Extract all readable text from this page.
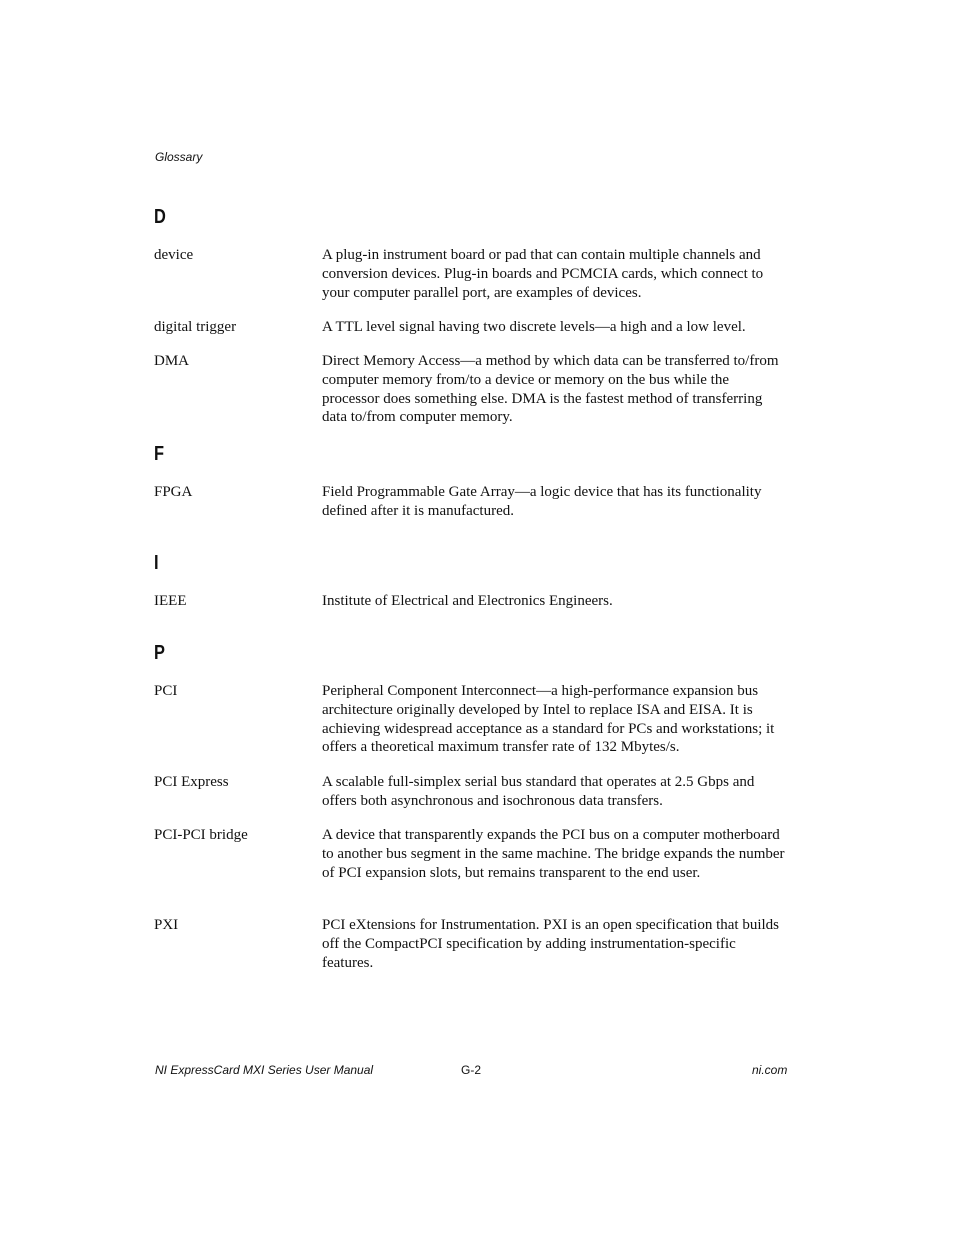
Glossary
D
device	A plug-in instrument board or pad that can contain multiple channels and conversion devices. Plug-in boards and PCMCIA cards, which connect to your computer parallel port, are examples of devices.
digital trigger	A TTL level signal having two discrete levels—a high and a low level.
DMA	Direct Memory Access—a method by which data can be transferred to/from computer memory from/to a device or memory on the bus while the processor does something else. DMA is the fastest method of transferring data to/from computer memory.
F
FPGA	Field Programmable Gate Array—a logic device that has its functionality defined after it is manufactured.
I
IEEE	Institute of Electrical and Electronics Engineers.
P
PCI	Peripheral Component Interconnect—a high-performance expansion bus architecture originally developed by Intel to replace ISA and EISA. It is achieving widespread acceptance as a standard for PCs and workstations; it offers a theoretical maximum transfer rate of 132 Mbytes/s.
PCI Express	A scalable full-simplex serial bus standard that operates at 2.5 Gbps and offers both asynchronous and isochronous data transfers.
PCI-PCI bridge	A device that transparently expands the PCI bus on a computer motherboard to another bus segment in the same machine. The bridge expands the number of PCI expansion slots, but remains transparent to the end user.
PXI	PCI eXtensions for Instrumentation. PXI is an open specification that builds off the CompactPCI specification by adding instrumentation-specific features.
NI ExpressCard MXI Series User Manual	G-2	ni.com
